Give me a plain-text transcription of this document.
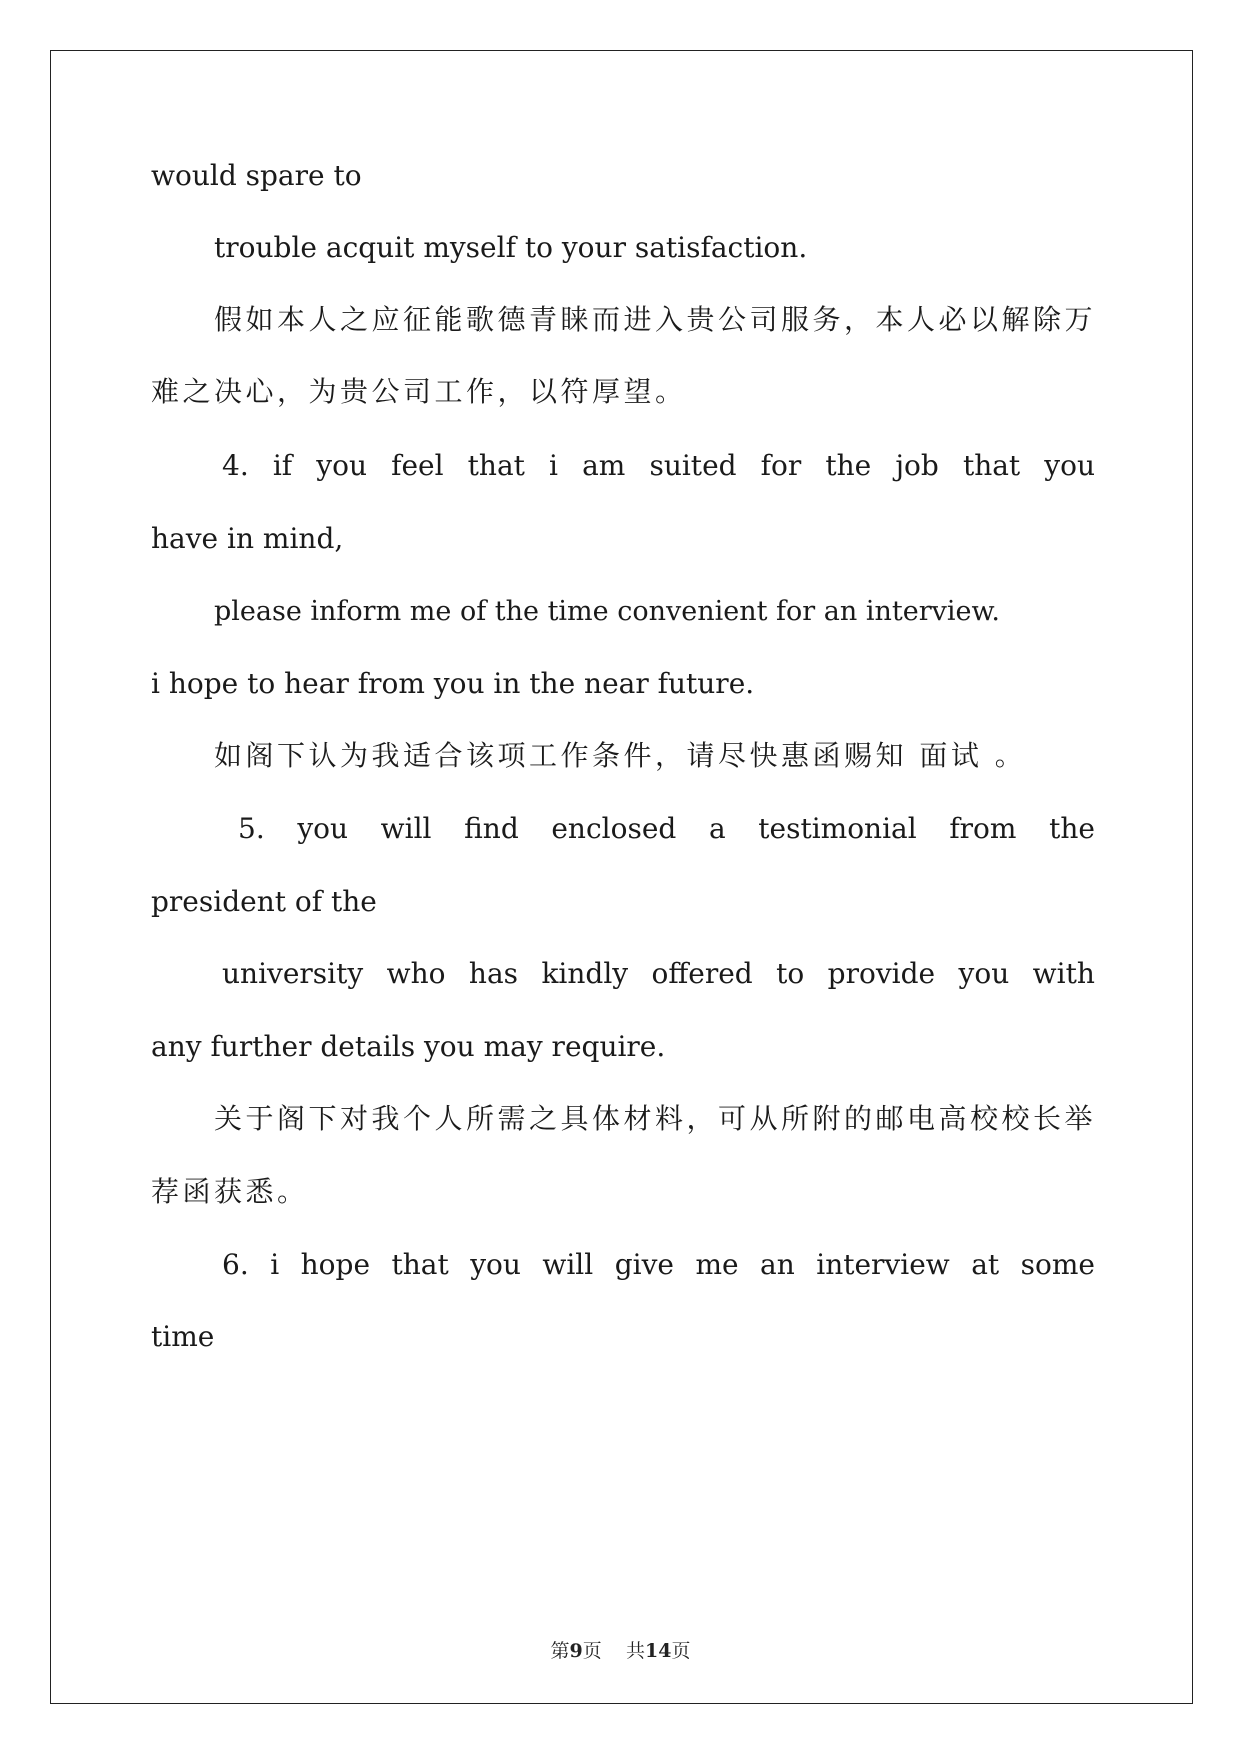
would spare to
trouble acquit myself to your satisfaction.
假如本人之应征能歌德青睐而进入贵公司服务，本人必以解除万
难之决心，为贵公司工作，以符厚望。
4. if you feel that i am suited for the job that you
have in mind,
please inform me of the time convenient for an interview.
i hope to hear from you in the near future.
如阁下认为我适合该项工作条件，请尽快惠函赐知 面试 。
5. you will find enclosed a testimonial from the
president of the
university who has kindly offered to provide you with
any further details you may require.
关于阁下对我个人所需之具体材料，可从所附的邮电高校校长举
荐函获悉。
6. i hope that you will give me an interview at some
time
第9页 共14页
